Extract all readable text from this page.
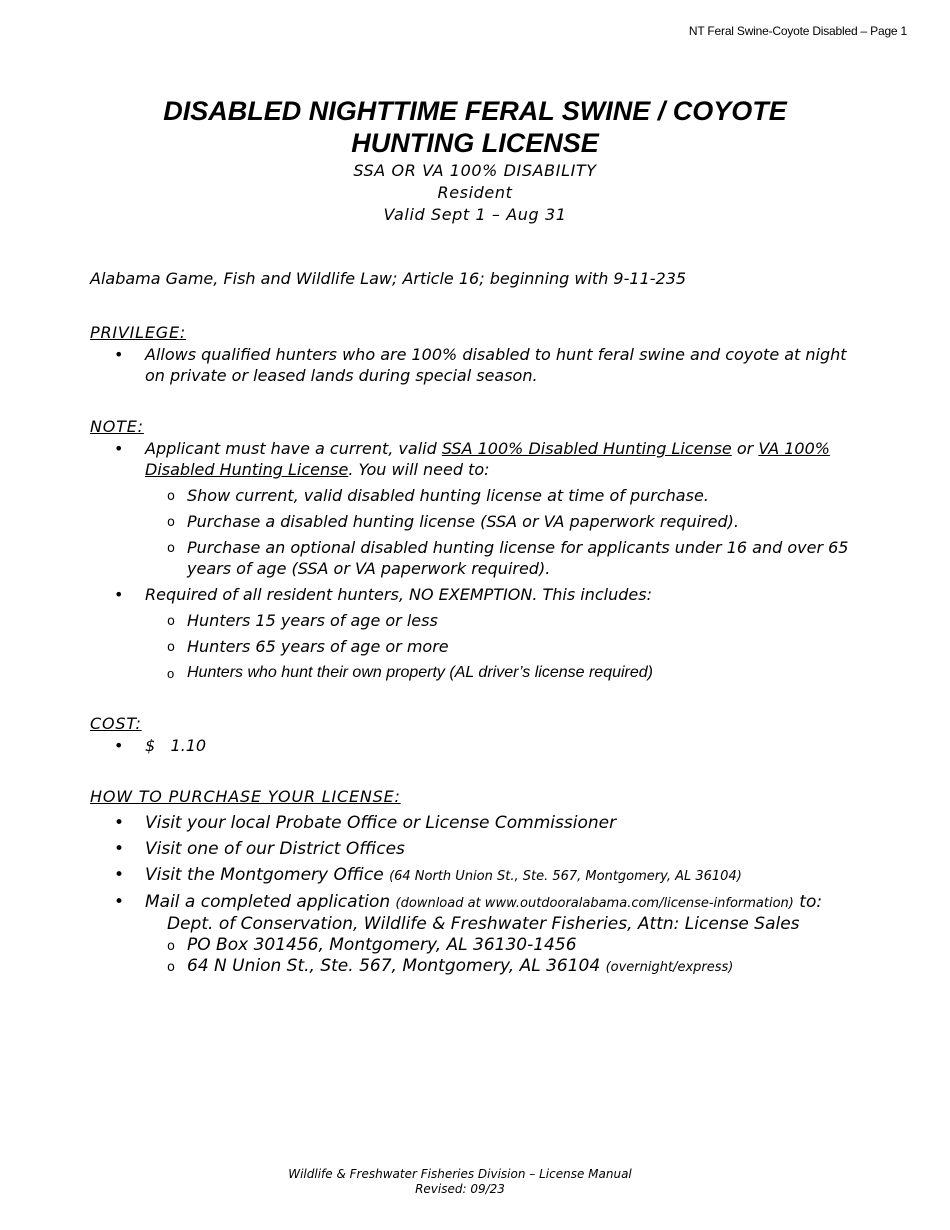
NT Feral Swine-Coyote Disabled – Page 1
DISABLED NIGHTTIME FERAL SWINE / COYOTE
HUNTING LICENSE
SSA OR VA 100% DISABILITY
Resident
Valid Sept 1 – Aug 31
Alabama Game, Fish and Wildlife Law; Article 16; beginning with 9-11-235
PRIVILEGE:
• Allows qualified hunters who are 100% disabled to hunt feral swine and coyote at night on private or leased lands during special season.
NOTE:
• Applicant must have a current, valid SSA 100% Disabled Hunting License or VA 100% Disabled Hunting License. You will need to:
o Show current, valid disabled hunting license at time of purchase.
o Purchase a disabled hunting license (SSA or VA paperwork required).
o Purchase an optional disabled hunting license for applicants under 16 and over 65 years of age (SSA or VA paperwork required).
• Required of all resident hunters, NO EXEMPTION. This includes:
o Hunters 15 years of age or less
o Hunters 65 years of age or more
o Hunters who hunt their own property (AL driver’s license required)
COST:
• $   1.10
HOW TO PURCHASE YOUR LICENSE:
• Visit your local Probate Office or License Commissioner
• Visit one of our District Offices
• Visit the Montgomery Office (64 North Union St., Ste. 567, Montgomery, AL 36104)
• Mail a completed application (download at www.outdooralabama.com/license-information) to:
Dept. of Conservation, Wildlife & Freshwater Fisheries, Attn: License Sales
o PO Box 301456, Montgomery, AL 36130-1456
o 64 N Union St., Ste. 567, Montgomery, AL 36104 (overnight/express)
Wildlife & Freshwater Fisheries Division – License Manual
Revised: 09/23
